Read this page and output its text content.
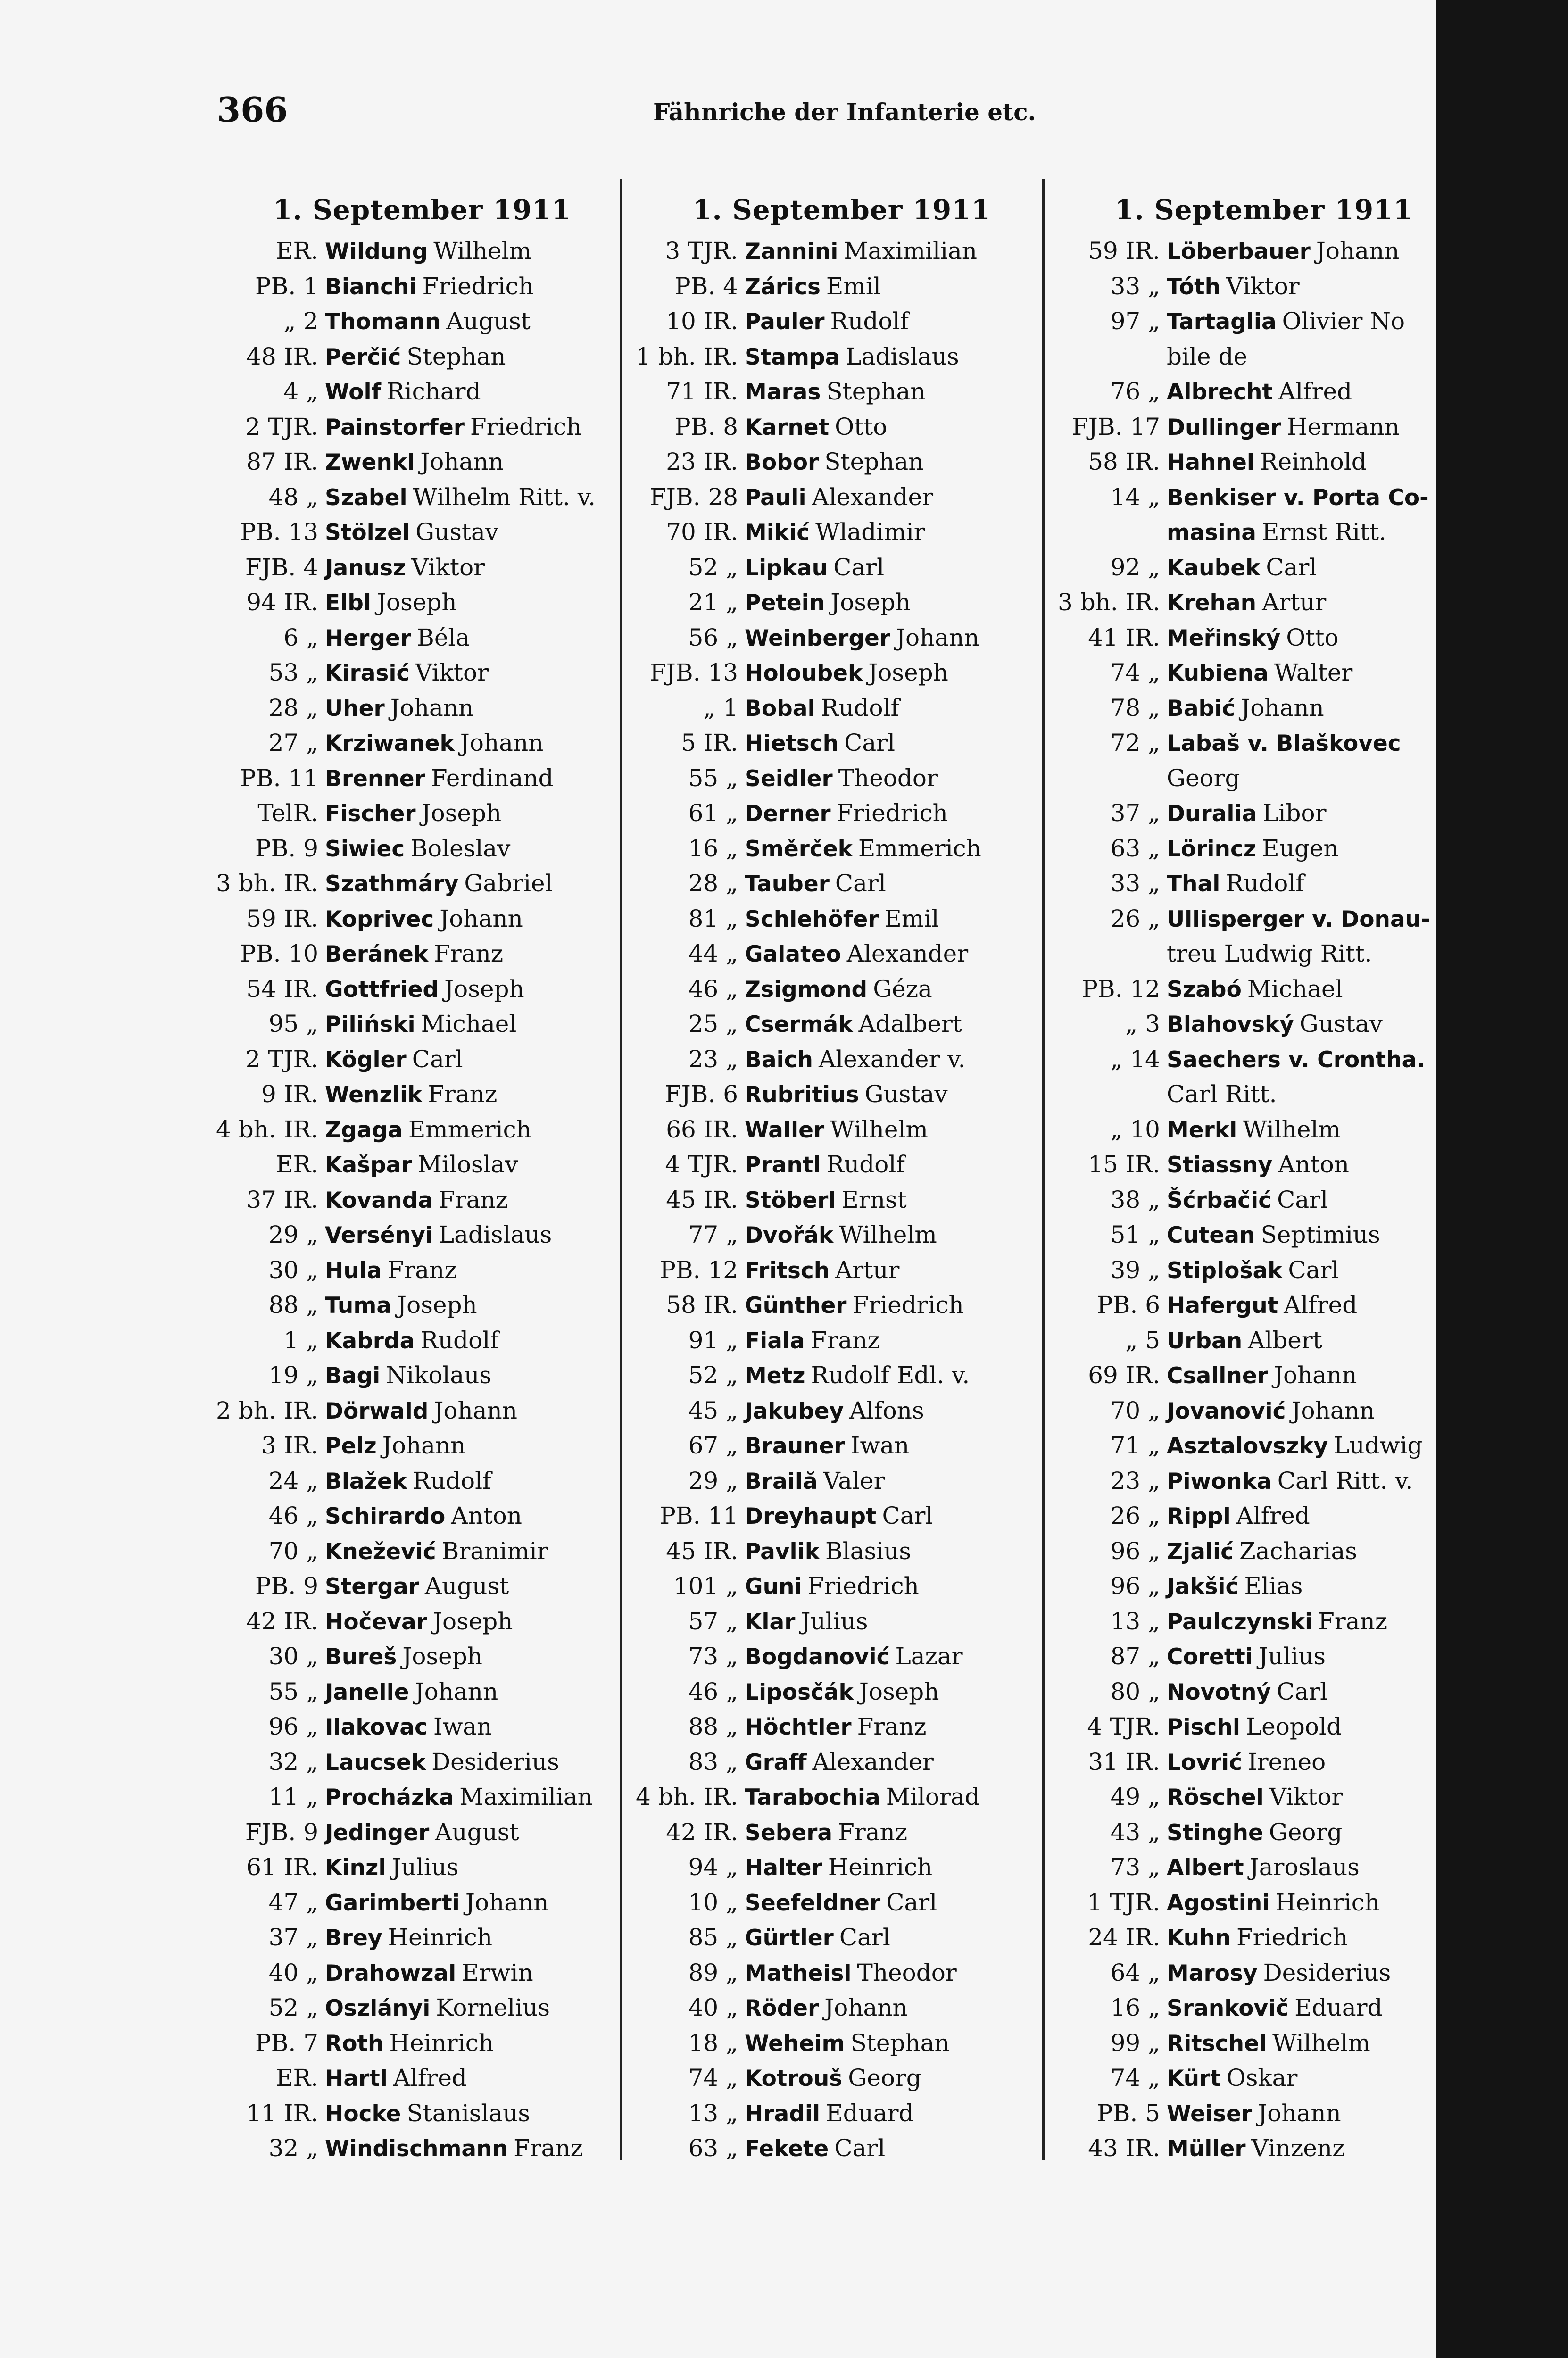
366	Fähnriche der Infanterie etc.
1. September 1911
ER. Wildung Wilhelm
PB. 1 Bianchi Friedrich
„ 2 Thomann August
48 IR. Perčić Stephan
4 „ Wolf Richard
2 TJR. Painstorfer Friedrich
87 IR. Zwenkl Johann
48 „ Szabel Wilhelm Ritt. v.
PB. 13 Stölzel Gustav
FJB. 4 Janusz Viktor
94 IR. Elbl Joseph
6 „ Herger Béla
53 „ Kirasić Viktor
28 „ Uher Johann
27 „ Krziwanek Johann
PB. 11 Brenner Ferdinand
TelR. Fischer Joseph
PB. 9 Siwiec Boleslav
3 bh. IR. Szathmáry Gabriel
59 IR. Koprivec Johann
PB. 10 Beránek Franz
54 IR. Gottfried Joseph
95 „ Piliński Michael
2 TJR. Kögler Carl
9 IR. Wenzlik Franz
4 bh. IR. Zgaga Emmerich
ER. Kašpar Miloslav
37 IR. Kovanda Franz
29 „ Versényi Ladislaus
30 „ Hula Franz
88 „ Tuma Joseph
1 „ Kabrda Rudolf
19 „ Bagi Nikolaus
2 bh. IR. Dörwald Johann
3 IR. Pelz Johann
24 „ Blažek Rudolf
46 „ Schirardo Anton
70 „ Knežević Branimir
PB. 9 Stergar August
42 IR. Hočevar Joseph
30 „ Bureš Joseph
55 „ Janelle Johann
96 „ Ilakovac Iwan
32 „ Laucsek Desiderius
11 „ Procházka Maximilian
FJB. 9 Jedinger August
61 IR. Kinzl Julius
47 „ Garimberti Johann
37 „ Brey Heinrich
40 „ Drahowzal Erwin
52 „ Oszlányi Kornelius
PB. 7 Roth Heinrich
ER. Hartl Alfred
11 IR. Hocke Stanislaus
32 „ Windischmann Franz
1. September 1911
3 TJR. Zannini Maximilian
PB. 4 Zárics Emil
10 IR. Pauler Rudolf
1 bh. IR. Stampa Ladislaus
71 IR. Maras Stephan
PB. 8 Karnet Otto
23 IR. Bobor Stephan
FJB. 28 Pauli Alexander
70 IR. Mikić Wladimir
52 „ Lipkau Carl
21 „ Petein Joseph
56 „ Weinberger Johann
FJB. 13 Holoubek Joseph
„ 1 Bobal Rudolf
5 IR. Hietsch Carl
55 „ Seidler Theodor
61 „ Derner Friedrich
16 „ Směrček Emmerich
28 „ Tauber Carl
81 „ Schlehöfer Emil
44 „ Galateo Alexander
46 „ Zsigmond Géza
25 „ Csermák Adalbert
23 „ Baich Alexander v.
FJB. 6 Rubritius Gustav
66 IR. Waller Wilhelm
4 TJR. Prantl Rudolf
45 IR. Stöberl Ernst
77 „ Dvořák Wilhelm
PB. 12 Fritsch Artur
58 IR. Günther Friedrich
91 „ Fiala Franz
52 „ Metz Rudolf Edl. v.
45 „ Jakubey Alfons
67 „ Brauner Iwan
29 „ Brailă Valer
PB. 11 Dreyhaupt Carl
45 IR. Pavlik Blasius
101 „ Guni Friedrich
57 „ Klar Julius
73 „ Bogdanović Lazar
46 „ Liposčák Joseph
88 „ Höchtler Franz
83 „ Graff Alexander
4 bh. IR. Tarabochia Milorad
42 IR. Sebera Franz
94 „ Halter Heinrich
10 „ Seefeldner Carl
85 „ Gürtler Carl
89 „ Matheisl Theodor
40 „ Röder Johann
18 „ Weheim Stephan
74 „ Kotrouš Georg
13 „ Hradil Eduard
63 „ Fekete Carl
1. September 1911
59 IR. Löberbauer Johann
33 „ Tóth Viktor
97 „ Tartaglia Olivier No
bile de
76 „ Albrecht Alfred
FJB. 17 Dullinger Hermann
58 IR. Hahnel Reinhold
14 „ Benkiser v. Porta Co-
masina Ernst Ritt.
92 „ Kaubek Carl
3 bh. IR. Krehan Artur
41 IR. Meřinský Otto
74 „ Kubiena Walter
78 „ Babić Johann
72 „ Labaš v. Blaškovec
Georg
37 „ Duralia Libor
63 „ Lörincz Eugen
33 „ Thal Rudolf
26 „ Ullisperger v. Donau-
treu Ludwig Ritt.
PB. 12 Szabó Michael
„ 3 Blahovský Gustav
„ 14 Saechers v. Crontha.
Carl Ritt.
„ 10 Merkl Wilhelm
15 IR. Stiassny Anton
38 „ Šćrbačić Carl
51 „ Cutean Septimius
39 „ Stiplošak Carl
PB. 6 Hafergut Alfred
„ 5 Urban Albert
69 IR. Csallner Johann
70 „ Jovanović Johann
71 „ Asztalovszky Ludwig
23 „ Piwonka Carl Ritt. v.
26 „ Rippl Alfred
96 „ Zjalić Zacharias
96 „ Jakšić Elias
13 „ Paulczynski Franz
87 „ Coretti Julius
80 „ Novotný Carl
4 TJR. Pischl Leopold
31 IR. Lovrić Ireneo
49 „ Röschel Viktor
43 „ Stinghe Georg
73 „ Albert Jaroslaus
1 TJR. Agostini Heinrich
24 IR. Kuhn Friedrich
64 „ Marosy Desiderius
16 „ Srankovič Eduard
99 „ Ritschel Wilhelm
74 „ Kürt Oskar
PB. 5 Weiser Johann
43 IR. Müller Vinzenz
